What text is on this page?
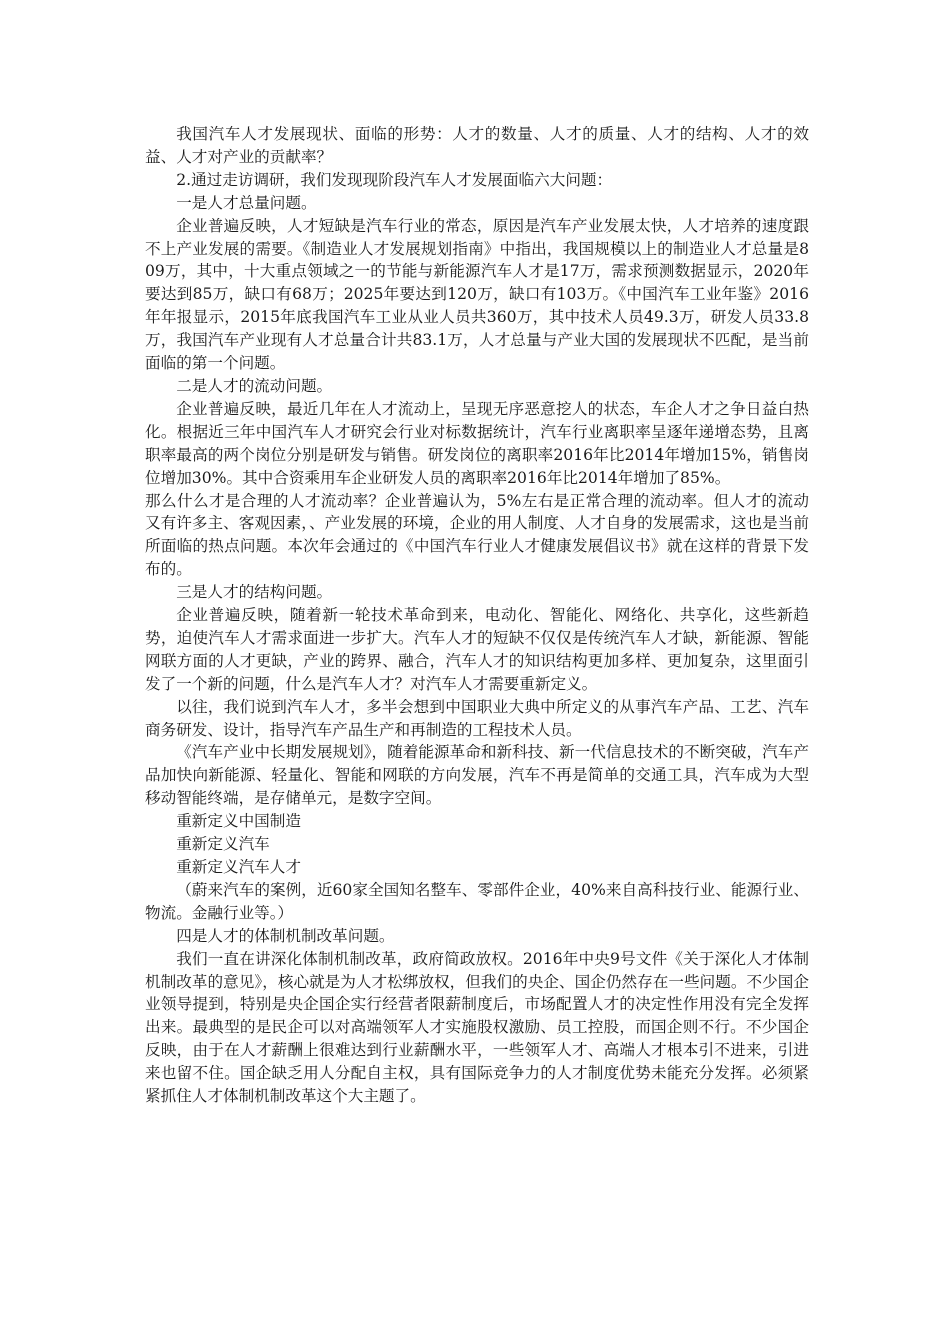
我国汽车人才发展现状、面临的形势：人才的数量、人才的质量、人才的结构、人才的效益、人才对产业的贡献率？

2.通过走访调研，我们发现现阶段汽车人才发展面临六大问题：

一是人才总量问题。

企业普遍反映，人才短缺是汽车行业的常态，原因是汽车产业发展太快，人才培养的速度跟不上产业发展的需要。《制造业人才发展规划指南》中指出，我国规模以上的制造业人才总量是809万，其中，十大重点领域之一的节能与新能源汽车人才是17万，需求预测数据显示，2020年要达到85万，缺口有68万；2025年要达到120万，缺口有103万。《中国汽车工业年鉴》2016年年报显示，2015年底我国汽车工业从业人员共360万，其中技术人员49.3万，研发人员33.8万，我国汽车产业现有人才总量合计共83.1万，人才总量与产业大国的发展现状不匹配，是当前面临的第一个问题。

二是人才的流动问题。

企业普遍反映，最近几年在人才流动上，呈现无序恶意挖人的状态，车企人才之争日益白热化。根据近三年中国汽车人才研究会行业对标数据统计，汽车行业离职率呈逐年递增态势，且离职率最高的两个岗位分别是研发与销售。研发岗位的离职率2016年比2014年增加15%，销售岗位增加30%。其中合资乘用车企业研发人员的离职率2016年比2014年增加了85%。

那么什么才是合理的人才流动率？企业普遍认为，5%左右是正常合理的流动率。但人才的流动又有许多主、客观因素，、产业发展的环境，企业的用人制度、人才自身的发展需求，这也是当前所面临的热点问题。本次年会通过的《中国汽车行业人才健康发展倡议书》就在这样的背景下发布的。

三是人才的结构问题。

企业普遍反映，随着新一轮技术革命到来，电动化、智能化、网络化、共享化，这些新趋势，迫使汽车人才需求面进一步扩大。汽车人才的短缺不仅仅是传统汽车人才缺，新能源、智能网联方面的人才更缺，产业的跨界、融合，汽车人才的知识结构更加多样、更加复杂，这里面引发了一个新的问题，什么是汽车人才？对汽车人才需要重新定义。

以往，我们说到汽车人才，多半会想到中国职业大典中所定义的从事汽车产品、工艺、汽车商务研发、设计，指导汽车产品生产和再制造的工程技术人员。

《汽车产业中长期发展规划》，随着能源革命和新科技、新一代信息技术的不断突破，汽车产品加快向新能源、轻量化、智能和网联的方向发展，汽车不再是简单的交通工具，汽车成为大型移动智能终端，是存储单元，是数字空间。

重新定义中国制造

重新定义汽车

重新定义汽车人才

（蔚来汽车的案例，近60家全国知名整车、零部件企业，40%来自高科技行业、能源行业、物流。金融行业等。）

四是人才的体制机制改革问题。

我们一直在讲深化体制机制改革，政府简政放权。2016年中央9号文件《关于深化人才体制机制改革的意见》，核心就是为人才松绑放权，但我们的央企、国企仍然存在一些问题。不少国企业领导提到，特别是央企国企实行经营者限薪制度后，市场配置人才的决定性作用没有完全发挥出来。最典型的是民企可以对高端领军人才实施股权激励、员工控股，而国企则不行。不少国企反映，由于在人才薪酬上很难达到行业薪酬水平，一些领军人才、高端人才根本引不进来，引进来也留不住。国企缺乏用人分配自主权，具有国际竞争力的人才制度优势未能充分发挥。必须紧紧抓住人才体制机制改革这个大主题了。
